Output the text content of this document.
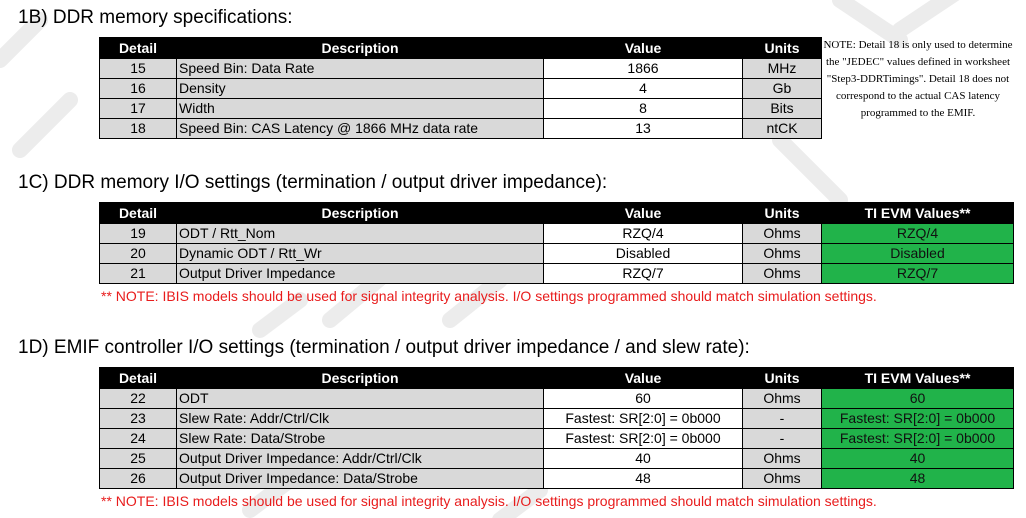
1B) DDR memory specifications:
Detail	Description	Value	Units
15	Speed Bin: Data Rate	1866	MHz
16	Density	4	Gb
17	Width	8	Bits
18	Speed Bin: CAS Latency @ 1866 MHz data rate	13	ntCK
NOTE: Detail 18 is only used to determine the "JEDEC" values defined in worksheet "Step3-DDRTimings". Detail 18 does not correspond to the actual CAS latency programmed to the EMIF.
1C) DDR memory I/O settings (termination / output driver impedance):
Detail	Description	Value	Units	TI EVM Values**
19	ODT / Rtt_Nom	RZQ/4	Ohms	RZQ/4
20	Dynamic ODT / Rtt_Wr	Disabled	Ohms	Disabled
21	Output Driver Impedance	RZQ/7	Ohms	RZQ/7
** NOTE: IBIS models should be used for signal integrity analysis. I/O settings programmed should match simulation settings.
1D) EMIF controller I/O settings (termination / output driver impedance / and slew rate):
Detail	Description	Value	Units	TI EVM Values**
22	ODT	60	Ohms	60
23	Slew Rate: Addr/Ctrl/Clk	Fastest: SR[2:0] = 0b000	-	Fastest: SR[2:0] = 0b000
24	Slew Rate: Data/Strobe	Fastest: SR[2:0] = 0b000	-	Fastest: SR[2:0] = 0b000
25	Output Driver Impedance: Addr/Ctrl/Clk	40	Ohms	40
26	Output Driver Impedance: Data/Strobe	48	Ohms	48
** NOTE: IBIS models should be used for signal integrity analysis. I/O settings programmed should match simulation settings.
